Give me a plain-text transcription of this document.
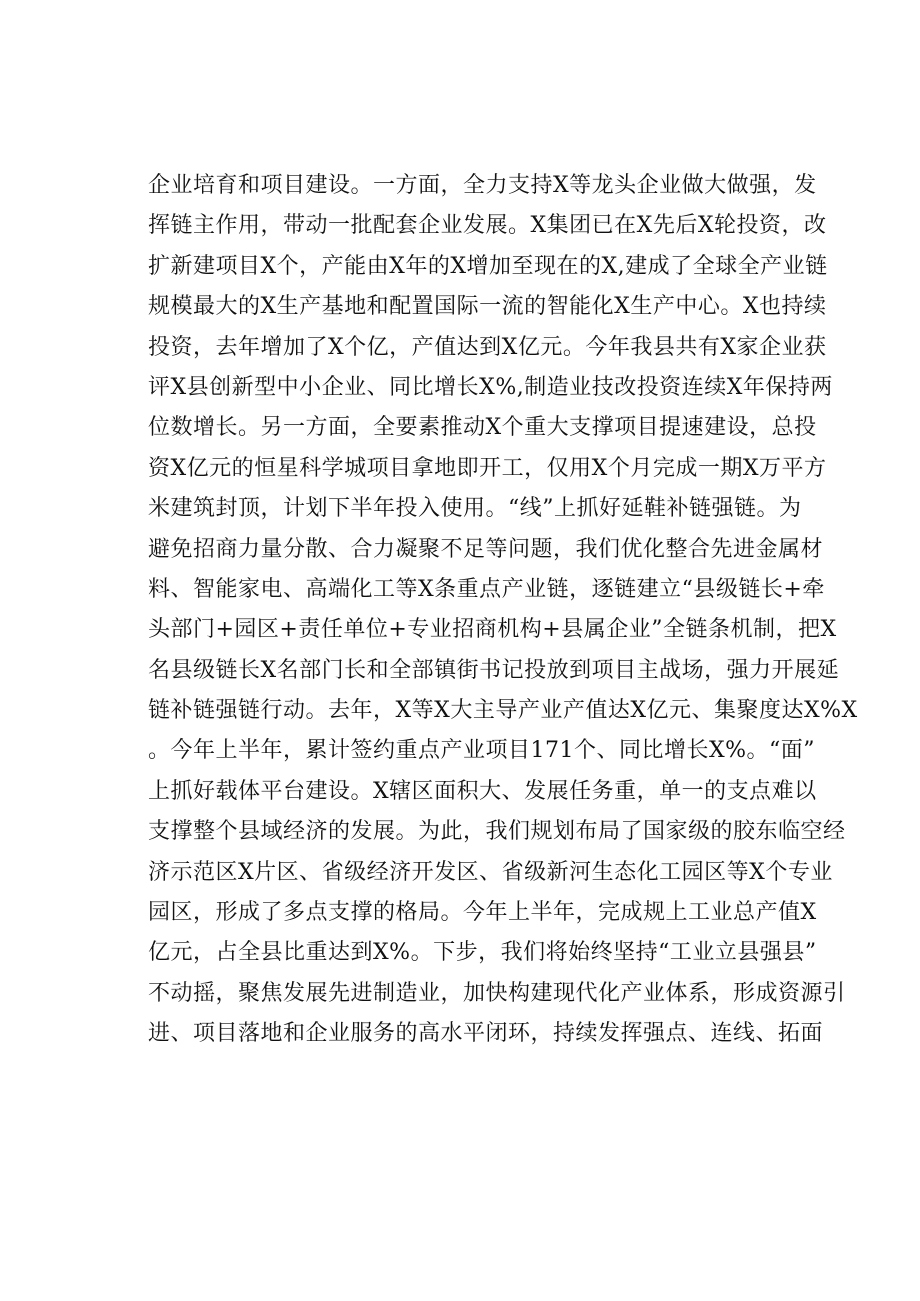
企业培育和项目建设。一方面，全力支持X等龙头企业做大做强，发
挥链主作用，带动一批配套企业发展。X集团已在X先后X轮投资，改
扩新建项目X个，产能由X年的X增加至现在的X,建成了全球全产业链
规模最大的X生产基地和配置国际一流的智能化X生产中心。X也持续
投资，去年增加了X个亿，产值达到X亿元。今年我县共有X家企业获
评X县创新型中小企业、同比增长X%,制造业技改投资连续X年保持两
位数增长。另一方面，全要素推动X个重大支撑项目提速建设，总投
资X亿元的恒星科学城项目拿地即开工，仅用X个月完成一期X万平方
米建筑封顶，计划下半年投入使用。“线”上抓好延鞋补链强链。为
避免招商力量分散、合力凝聚不足等问题，我们优化整合先进金属材
料、智能家电、高端化工等X条重点产业链，逐链建立“县级链长+牵
头部门+园区+责任单位+专业招商机构+县属企业”全链条机制，把X
名县级链长X名部门长和全部镇街书记投放到项目主战场，强力开展延
链补链强链行动。去年，X等X大主导产业产值达X亿元、集聚度达X%X
。今年上半年，累计签约重点产业项目171个、同比增长X%。“面”
上抓好载体平台建设。X辖区面积大、发展任务重，单一的支点难以
支撑整个县域经济的发展。为此，我们规划布局了国家级的胶东临空经
济示范区X片区、省级经济开发区、省级新河生态化工园区等X个专业
园区，形成了多点支撑的格局。今年上半年，完成规上工业总产值X
亿元，占全县比重达到X%。下步，我们将始终坚持“工业立县强县”
不动摇，聚焦发展先进制造业，加快构建现代化产业体系，形成资源引
进、项目落地和企业服务的高水平闭环，持续发挥强点、连线、拓面
